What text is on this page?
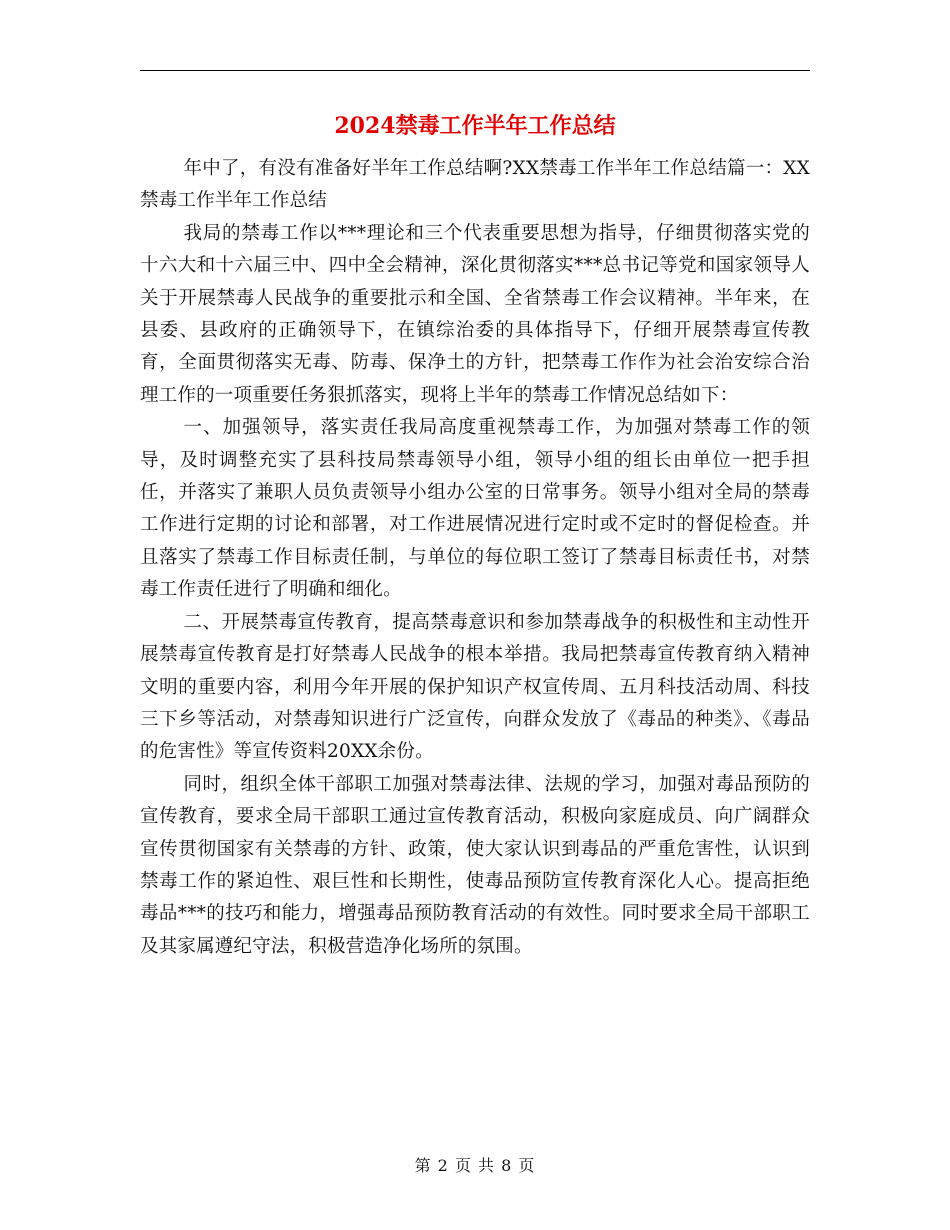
2024禁毒工作半年工作总结

年中了，有没有准备好半年工作总结啊?XX禁毒工作半年工作总结篇一：XX禁毒工作半年工作总结

我局的禁毒工作以***理论和三个代表重要思想为指导，仔细贯彻落实党的十六大和十六届三中、四中全会精神，深化贯彻落实***总书记等党和国家领导人关于开展禁毒人民战争的重要批示和全国、全省禁毒工作会议精神。半年来，在县委、县政府的正确领导下，在镇综治委的具体指导下，仔细开展禁毒宣传教育，全面贯彻落实无毒、防毒、保净土的方针，把禁毒工作作为社会治安综合治理工作的一项重要任务狠抓落实，现将上半年的禁毒工作情况总结如下：

一、加强领导，落实责任我局高度重视禁毒工作，为加强对禁毒工作的领导，及时调整充实了县科技局禁毒领导小组，领导小组的组长由单位一把手担任，并落实了兼职人员负责领导小组办公室的日常事务。领导小组对全局的禁毒工作进行定期的讨论和部署，对工作进展情况进行定时或不定时的督促检查。并且落实了禁毒工作目标责任制，与单位的每位职工签订了禁毒目标责任书，对禁毒工作责任进行了明确和细化。

二、开展禁毒宣传教育，提高禁毒意识和参加禁毒战争的积极性和主动性开展禁毒宣传教育是打好禁毒人民战争的根本举措。我局把禁毒宣传教育纳入精神文明的重要内容，利用今年开展的保护知识产权宣传周、五月科技活动周、科技三下乡等活动，对禁毒知识进行广泛宣传，向群众发放了《毒品的种类》、《毒品的危害性》等宣传资料20XX余份。

同时，组织全体干部职工加强对禁毒法律、法规的学习，加强对毒品预防的宣传教育，要求全局干部职工通过宣传教育活动，积极向家庭成员、向广阔群众宣传贯彻国家有关禁毒的方针、政策，使大家认识到毒品的严重危害性，认识到禁毒工作的紧迫性、艰巨性和长期性，使毒品预防宣传教育深化人心。提高拒绝毒品***的技巧和能力，增强毒品预防教育活动的有效性。同时要求全局干部职工及其家属遵纪守法，积极营造净化场所的氛围。

第 2 页 共 8 页
